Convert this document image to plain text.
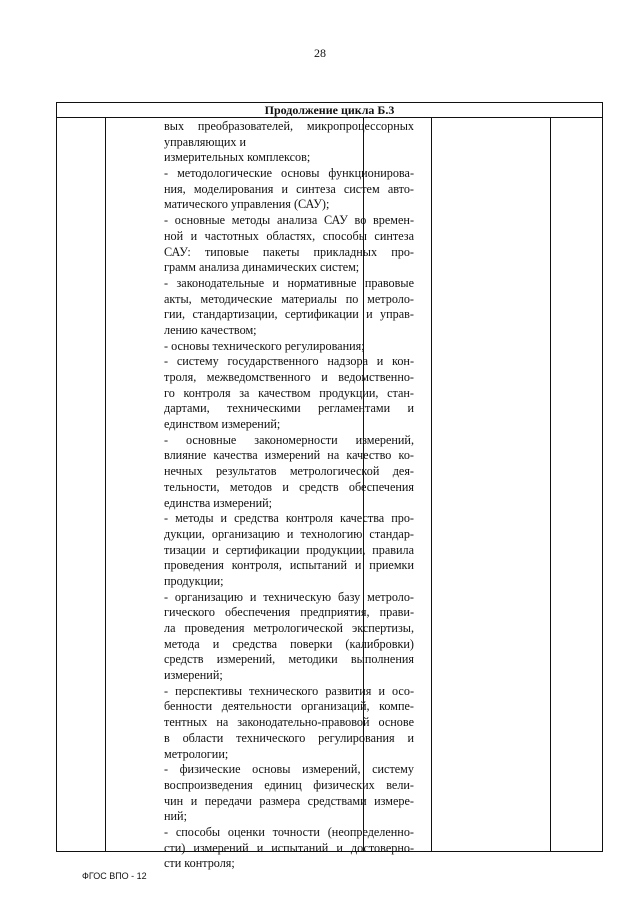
28
Продолжение цикла Б.3
вых преобразователей, микропроцессорных
управляющих и
измерительных комплексов;
- методологические основы функционирова-
ния, моделирования и синтеза систем авто-
матического управления (САУ);
- основные методы анализа САУ во времен-
ной и частотных областях, способы синтеза
САУ: типовые пакеты прикладных про-
грамм анализа динамических систем;
- законодательные и нормативные правовые
акты, методические материалы по метроло-
гии, стандартизации, сертификации и управ-
лению качеством;
- основы технического регулирования;
- систему государственного надзора и кон-
троля, межведомственного и ведомственно-
го контроля за качеством продукции, стан-
дартами, техническими регламентами и
единством измерений;
- основные закономерности измерений,
влияние качества измерений на качество ко-
нечных результатов метрологической дея-
тельности, методов и средств обеспечения
единства измерений;
- методы и средства контроля качества про-
дукции, организацию и технологию стандар-
тизации и сертификации продукции, правила
проведения контроля, испытаний и приемки
продукции;
- организацию и техническую базу метроло-
гического обеспечения предприятия, прави-
ла проведения метрологической экспертизы,
метода и средства поверки (калибровки)
средств измерений, методики выполнения
измерений;
- перспективы технического развития и осо-
бенности деятельности организаций, компе-
тентных на законодательно-правовой основе
в области технического регулирования и
метрологии;
- физические основы измерений, систему
воспроизведения единиц физических вели-
чин и передачи размера средствами измере-
ний;
- способы оценки точности (неопределенно-
сти) измерений и испытаний и достоверно-
сти контроля;
ФГОС ВПО - 12
